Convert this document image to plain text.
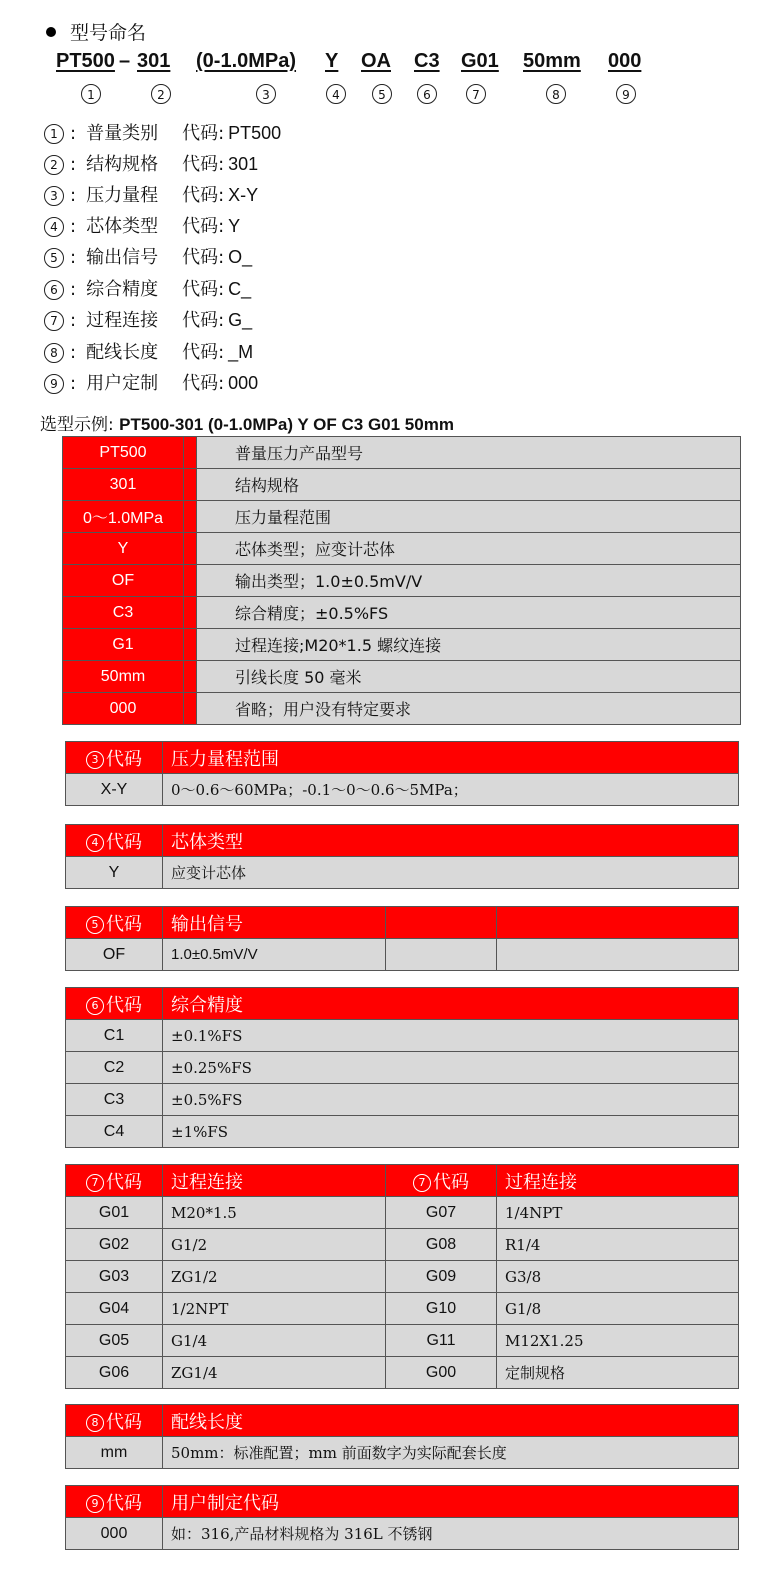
型号命名
PT500 – 301 (0-1.0MPa) Y OA C3 G01 50mm 000
1	2	3	4	5	6	7	8	9
1 : 普量类别 代码: PT500
2 : 结构规格 代码: 301
3 : 压力量程 代码: X-Y
4 : 芯体类型 代码: Y
5 : 输出信号 代码: O_
6 : 综合精度 代码: C_
7 : 过程连接 代码: G_
8 : 配线长度 代码: _M
9 : 用户定制 代码: 000
选型示例: PT500-301 (0-1.0MPa) Y OF C3 G01 50mm
PT500			普量压力产品型号
301			结构规格
0～1.0MPa			压力量程范围
Y			芯体类型；应变计芯体
OF			输出类型；1.0±0.5mV/V
C3			综合精度；±0.5%FS
G1			过程连接;M20*1.5 螺纹连接
50mm			引线长度 50 毫米
000			省略；用户没有特定要求
3 代码	压力量程范围
X-Y	0～0.6～60MPa；-0.1～0～0.6～5MPa；
4 代码	芯体类型
Y	应变计芯体
5 代码	输出信号		
OF	1.0±0.5mV/V		
6 代码	综合精度
C1	±0.1%FS
C2	±0.25%FS
C3	±0.5%FS
C4	±1%FS
7 代码	过程连接	7 代码	过程连接
G01	M20*1.5	G07	1/4NPT
G02	G1/2	G08	R1/4
G03	ZG1/2	G09	G3/8
G04	1/2NPT	G10	G1/8
G05	G1/4	G11	M12X1.25
G06	ZG1/4	G00	定制规格
8 代码	配线长度
mm	50mm：标准配置；mm 前面数字为实际配套长度
9 代码	用户制定代码
000	如：316,产品材料规格为 316L 不锈钢
